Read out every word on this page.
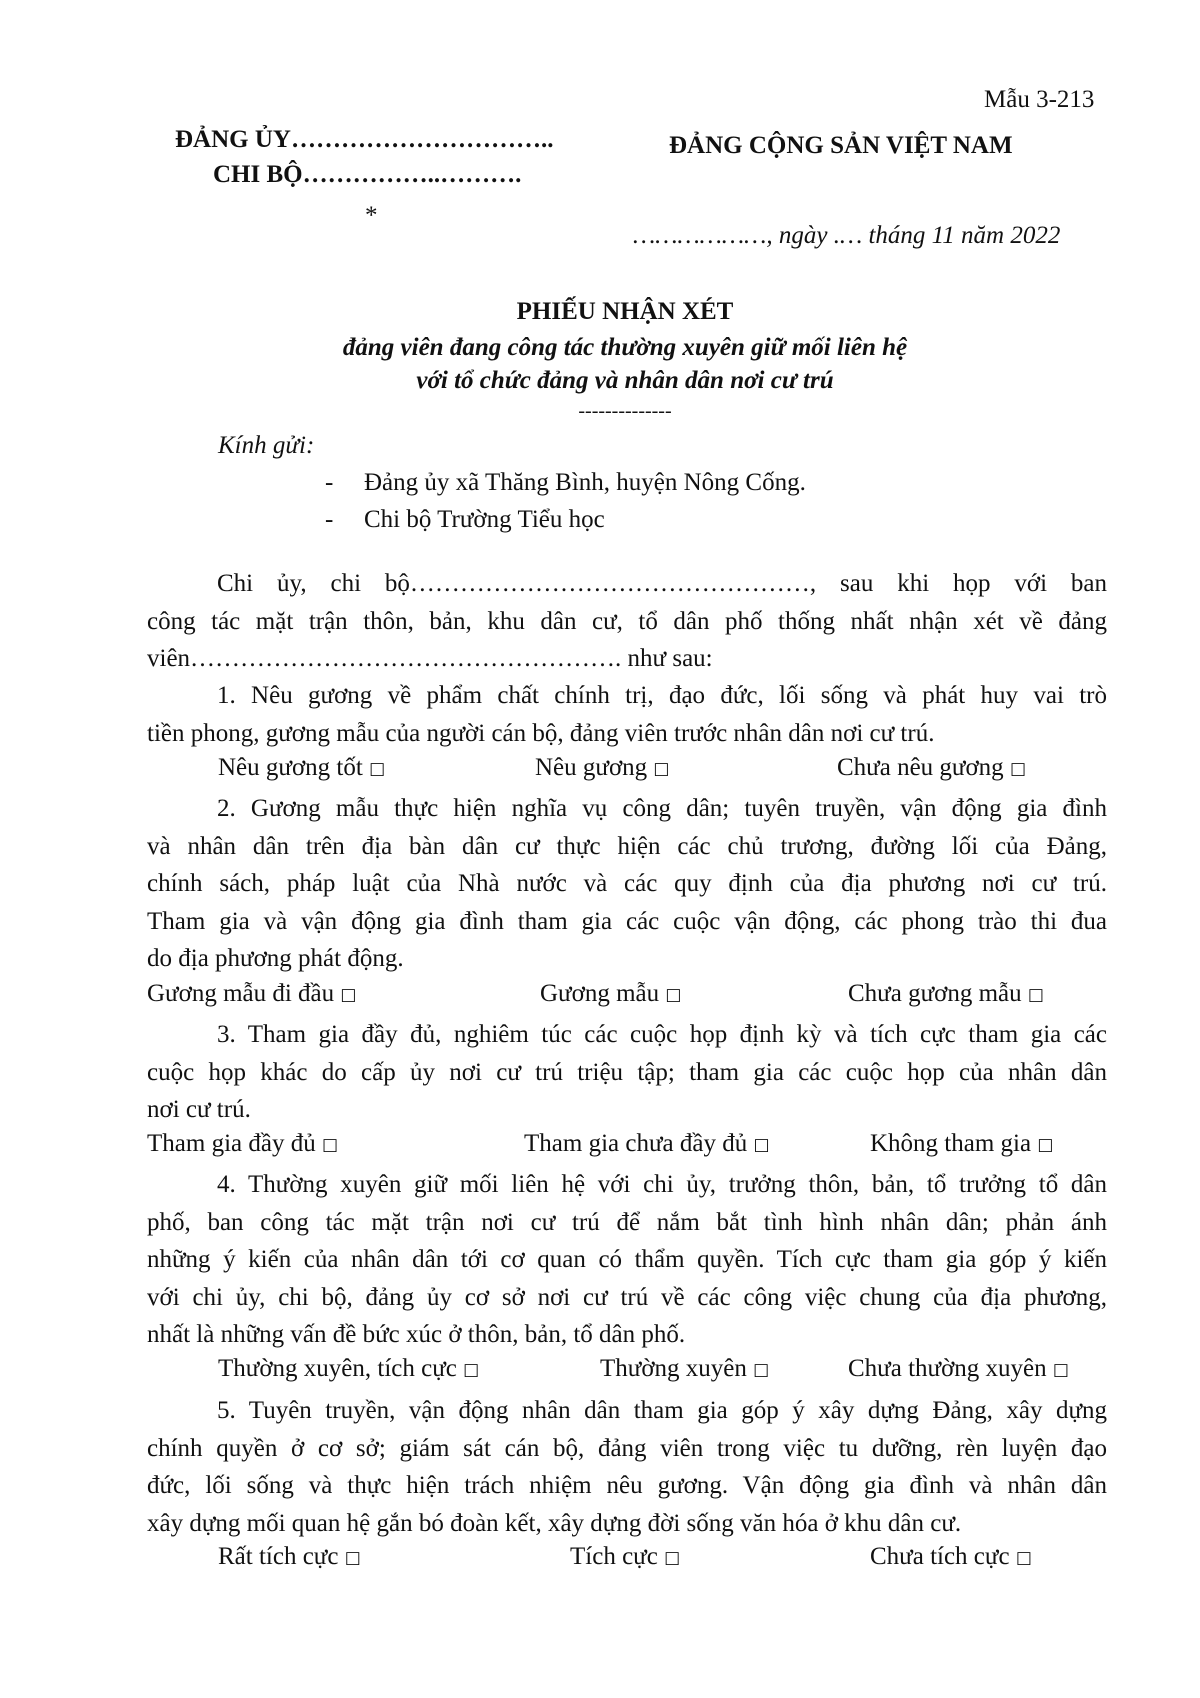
Mẫu 3-213
ĐẢNG ỦY…………………………..
CHI BỘ……………..……….
*
ĐẢNG CỘNG SẢN VIỆT NAM
………………, ngày .… tháng 11 năm 2022
PHIẾU NHẬN XÉT
đảng viên đang công tác thường xuyên giữ mối liên hệ
với tổ chức đảng và nhân dân nơi cư trú
--------------
Kính gửi:
- Đảng ủy xã Thăng Bình, huyện Nông Cống.
- Chi bộ Trường Tiểu học
Chi ủy, chi bộ…………………………………………, sau khi họp với ban
công tác mặt trận thôn, bản, khu dân cư, tổ dân phố thống nhất nhận xét về đảng
viên……………………………………………. như sau:
1. Nêu gương về phẩm chất chính trị, đạo đức, lối sống và phát huy vai trò
tiền phong, gương mẫu của người cán bộ, đảng viên trước nhân dân nơi cư trú.
Nêu gương tốt □	Nêu gương □	Chưa nêu gương □
2. Gương mẫu thực hiện nghĩa vụ công dân; tuyên truyền, vận động gia đình
và nhân dân trên địa bàn dân cư thực hiện các chủ trương, đường lối của Đảng,
chính sách, pháp luật của Nhà nước và các quy định của địa phương nơi cư trú.
Tham gia và vận động gia đình tham gia các cuộc vận động, các phong trào thi đua
do địa phương phát động.
Gương mẫu đi đầu □	Gương mẫu □	Chưa gương mẫu □
3. Tham gia đầy đủ, nghiêm túc các cuộc họp định kỳ và tích cực tham gia các
cuộc họp khác do cấp ủy nơi cư trú triệu tập; tham gia các cuộc họp của nhân dân
nơi cư trú.
Tham gia đầy đủ □	Tham gia chưa đầy đủ □	Không tham gia □
4. Thường xuyên giữ mối liên hệ với chi ủy, trưởng thôn, bản, tổ trưởng tổ dân
phố, ban công tác mặt trận nơi cư trú để nắm bắt tình hình nhân dân; phản ánh
những ý kiến của nhân dân tới cơ quan có thẩm quyền. Tích cực tham gia góp ý kiến
với chi ủy, chi bộ, đảng ủy cơ sở nơi cư trú về các công việc chung của địa phương,
nhất là những vấn đề bức xúc ở thôn, bản, tổ dân phố.
Thường xuyên, tích cực □	Thường xuyên □	Chưa thường xuyên □
5. Tuyên truyền, vận động nhân dân tham gia góp ý xây dựng Đảng, xây dựng
chính quyền ở cơ sở; giám sát cán bộ, đảng viên trong việc tu dưỡng, rèn luyện đạo
đức, lối sống và thực hiện trách nhiệm nêu gương. Vận động gia đình và nhân dân
xây dựng mối quan hệ gắn bó đoàn kết, xây dựng đời sống văn hóa ở khu dân cư.
Rất tích cực □	Tích cực □	Chưa tích cực □
